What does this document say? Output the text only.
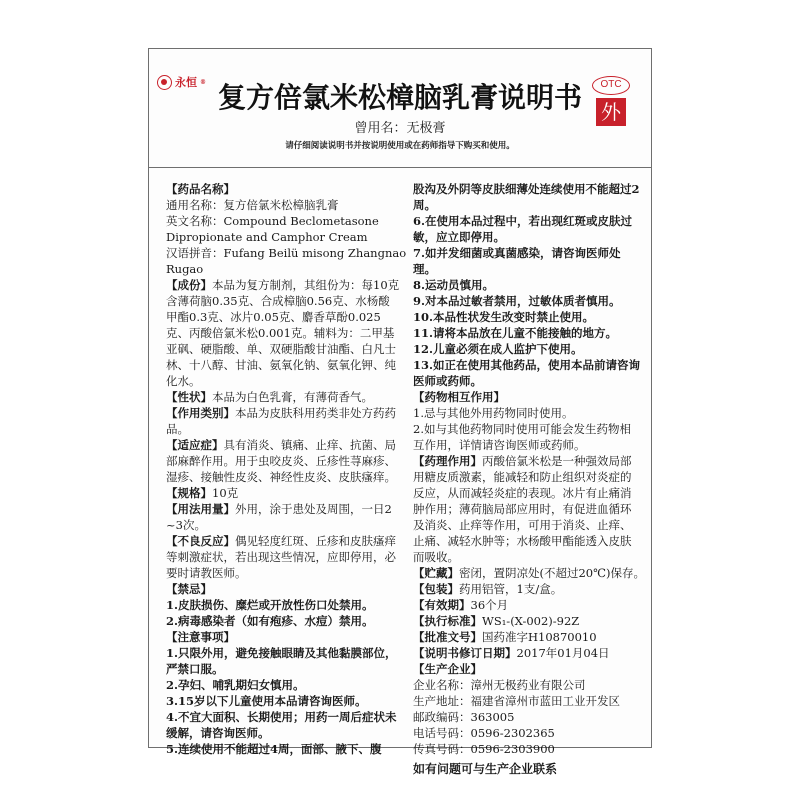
永恒 ® 复方倍氯米松樟脑乳膏说明书
曾用名：无极膏
请仔细阅读说明书并按说明使用或在药师指导下购买和使用。
OTC
外
【药品名称】
通用名称：复方倍氯米松樟脑乳膏
英文名称：Compound Beclometasone
Dipropionate and Camphor Cream
汉语拼音：Fufang Beilü misong Zhangnao
Rugao
【成份】本品为复方制剂，其组份为：每10克含薄荷脑0.35克、合成樟脑0.56克、水杨酸甲酯0.3克、冰片0.05克、麝香草酚0.025克、丙酸倍氯米松0.001克。辅料为：二甲基亚砜、硬脂酸、单、双硬脂酸甘油酯、白凡士林、十八醇、甘油、氨氧化钠、氨氧化钾、纯化水。
【性状】本品为白色乳膏，有薄荷香气。
【作用类别】本品为皮肤科用药类非处方药药品。
【适应症】具有消炎、镇痛、止痒、抗菌、局部麻醉作用。用于虫咬皮炎、丘疹性荨麻疹、湿疹、接触性皮炎、神经性皮炎、皮肤瘙痒。
【规格】10克
【用法用量】外用，涂于患处及周围，一日2~3次。
【不良反应】偶见轻度红斑、丘疹和皮肤瘙痒等刺激症状，若出现这些情况，应即停用，必要时请教医师。
【禁忌】
1.皮肤损伤、糜烂或开放性伤口处禁用。
2.病毒感染者（如有疱疹、水痘）禁用。
【注意事项】
1.只限外用，避免接触眼睛及其他黏膜部位，严禁口服。
2.孕妇、哺乳期妇女慎用。
3.15岁以下儿童使用本品请咨询医师。
4.不宜大面积、长期使用；用药一周后症状未缓解，请咨询医师。
5.连续使用不能超过4周，面部、腋下、腹
股沟及外阴等皮肤细薄处连续使用不能超过2周。
6.在使用本品过程中，若出现红斑或皮肤过敏，应立即停用。
7.如并发细菌或真菌感染，请咨询医师处理。
8.运动员慎用。
9.对本品过敏者禁用，过敏体质者慎用。
10.本品性状发生改变时禁止使用。
11.请将本品放在儿童不能接触的地方。
12.儿童必须在成人监护下使用。
13.如正在使用其他药品，使用本品前请咨询医师或药师。
【药物相互作用】
1.忌与其他外用药物同时使用。
2.如与其他药物同时使用可能会发生药物相互作用，详情请咨询医师或药师。
【药理作用】丙酸倍氯米松是一种强效局部用糖皮质激素，能减轻和防止组织对炎症的反应，从而减轻炎症的表现。冰片有止痛消肿作用；薄荷脑局部应用时，有促进血循环及消炎、止痒等作用，可用于消炎、止痒、止痛、减轻水肿等；水杨酸甲酯能透入皮肤而吸收。
【贮藏】密闭，置阴凉处(不超过20℃)保存。
【包装】药用铝管，1支/盒。
【有效期】36个月
【执行标准】WS₁-(X-002)-92Z
【批准文号】国药准字H10870010
【说明书修订日期】2017年01月04日
【生产企业】
企业名称：漳州无极药业有限公司
生产地址：福建省漳州市蓝田工业开发区
邮政编码：363005
电话号码：0596-2302365
传真号码：0596-2303900
如有问题可与生产企业联系
